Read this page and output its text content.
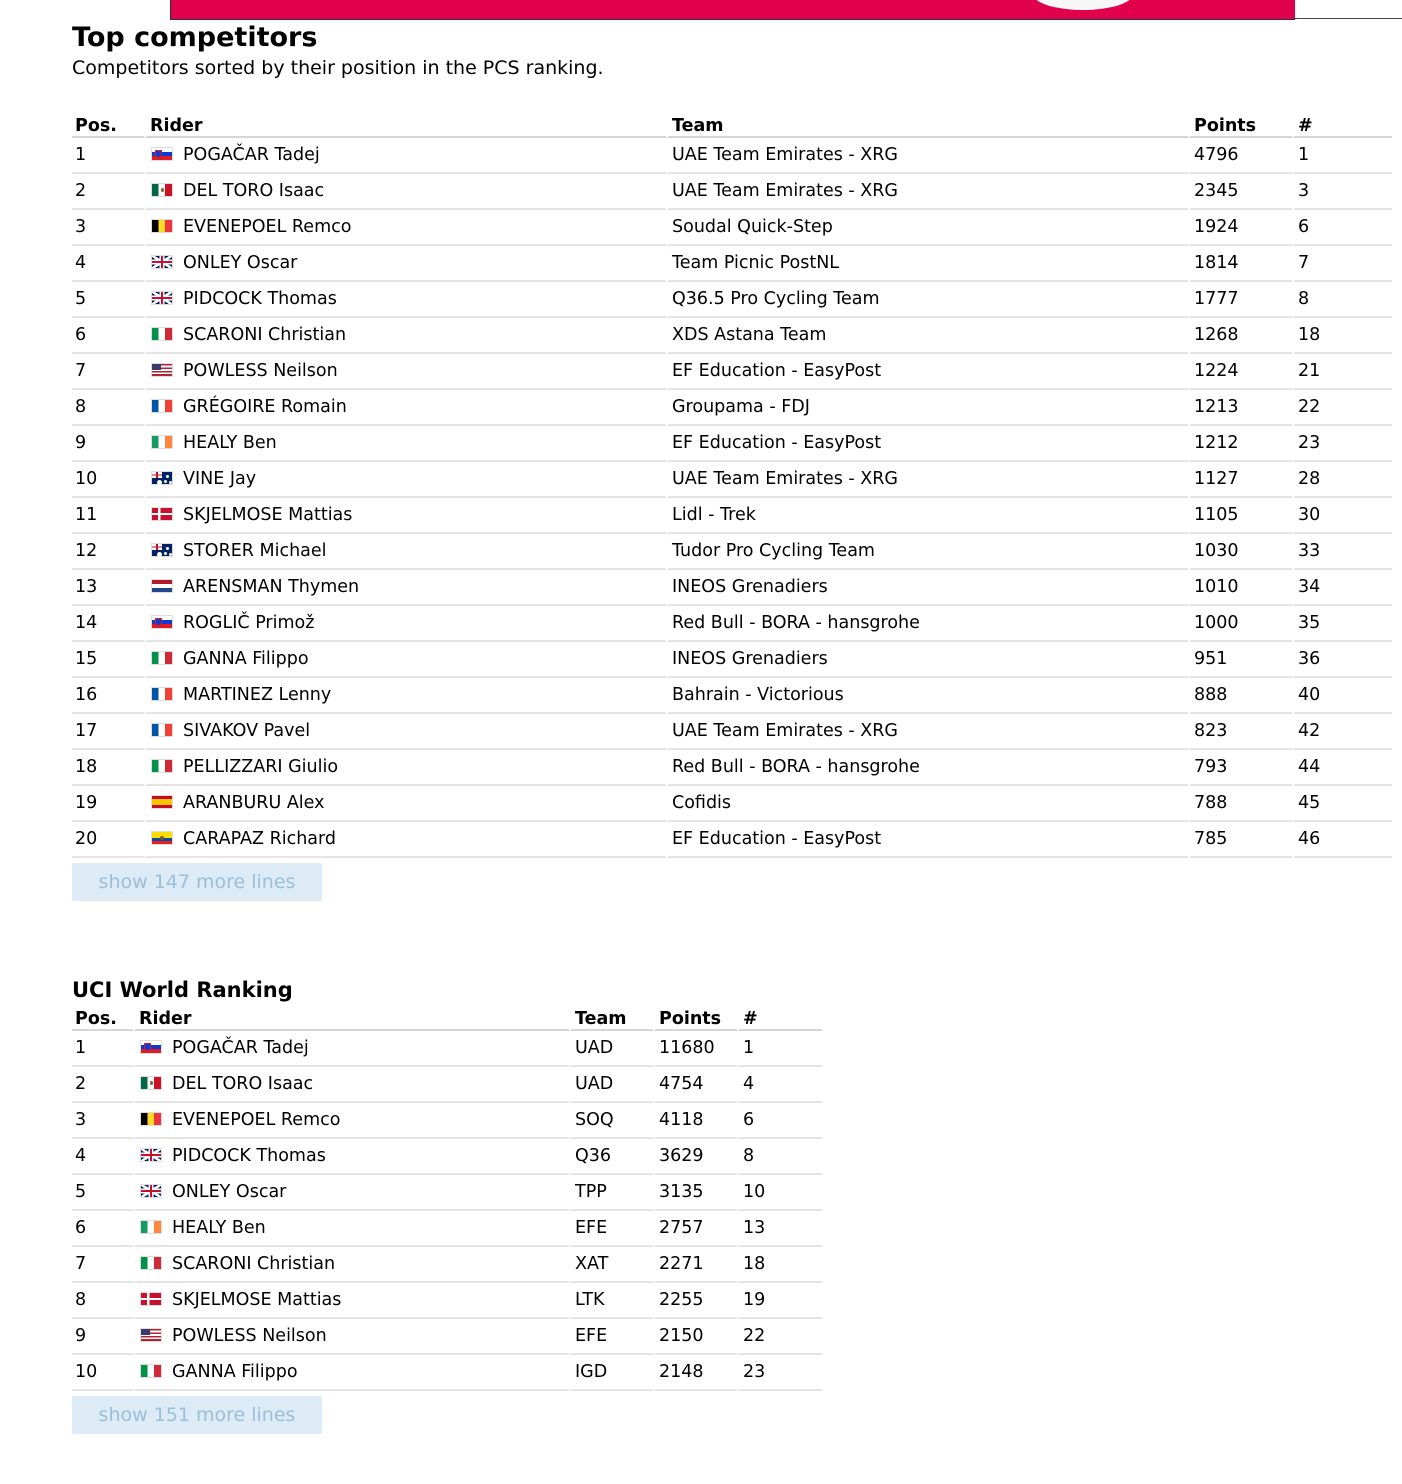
Top competitors

Competitors sorted by their position in the PCS ranking.

Pos.	Rider	Team	Points	#
1	POGAČAR Tadej	UAE Team Emirates - XRG	4796	1
2	DEL TORO Isaac	UAE Team Emirates - XRG	2345	3
3	EVENEPOEL Remco	Soudal Quick-Step	1924	6
4	ONLEY Oscar	Team Picnic PostNL	1814	7
5	PIDCOCK Thomas	Q36.5 Pro Cycling Team	1777	8
6	SCARONI Christian	XDS Astana Team	1268	18
7	POWLESS Neilson	EF Education - EasyPost	1224	21
8	GRÉGOIRE Romain	Groupama - FDJ	1213	22
9	HEALY Ben	EF Education - EasyPost	1212	23
10	VINE Jay	UAE Team Emirates - XRG	1127	28
11	SKJELMOSE Mattias	Lidl - Trek	1105	30
12	STORER Michael	Tudor Pro Cycling Team	1030	33
13	ARENSMAN Thymen	INEOS Grenadiers	1010	34
14	ROGLIČ Primož	Red Bull - BORA - hansgrohe	1000	35
15	GANNA Filippo	INEOS Grenadiers	951	36
16	MARTINEZ Lenny	Bahrain - Victorious	888	40
17	SIVAKOV Pavel	UAE Team Emirates - XRG	823	42
18	PELLIZZARI Giulio	Red Bull - BORA - hansgrohe	793	44
19	ARANBURU Alex	Cofidis	788	45
20	CARAPAZ Richard	EF Education - EasyPost	785	46
show 147 more lines
UCI World Ranking
Pos.	Rider	Team	Points	#
1	POGAČAR Tadej	UAD	11680	1
2	DEL TORO Isaac	UAD	4754	4
3	EVENEPOEL Remco	SOQ	4118	6
4	PIDCOCK Thomas	Q36	3629	8
5	ONLEY Oscar	TPP	3135	10
6	HEALY Ben	EFE	2757	13
7	SCARONI Christian	XAT	2271	18
8	SKJELMOSE Mattias	LTK	2255	19
9	POWLESS Neilson	EFE	2150	22
10	GANNA Filippo	IGD	2148	23
show 151 more lines
